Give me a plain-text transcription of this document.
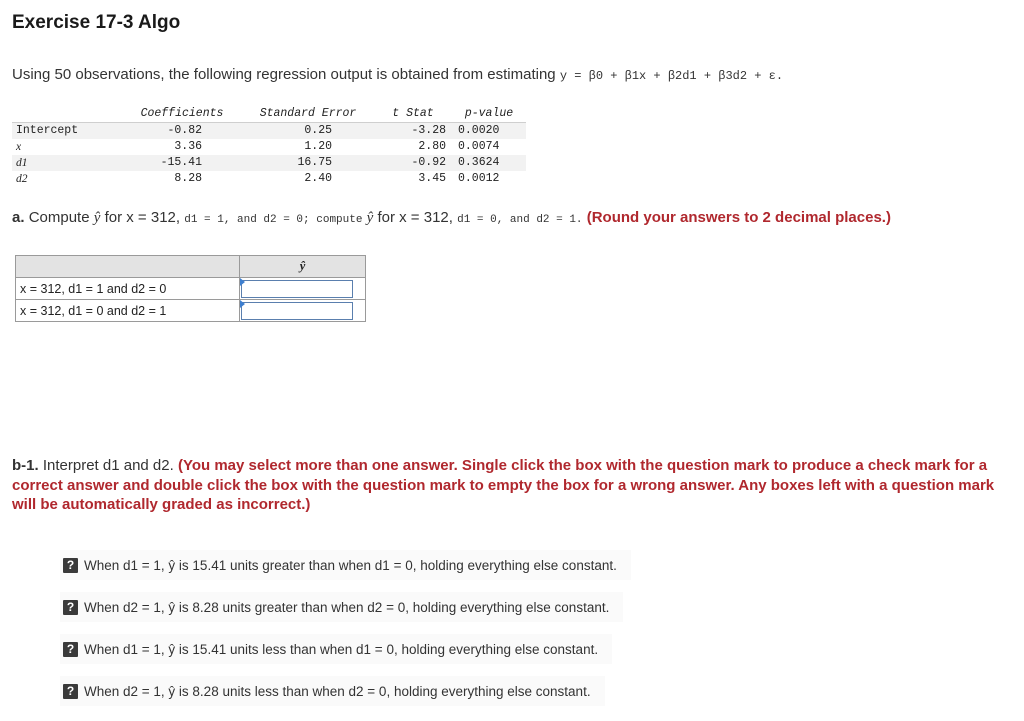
Exercise 17-3 Algo
Using 50 observations, the following regression output is obtained from estimating y = β0 + β1x + β2d1 + β3d2 + ε.
	Coefficients	Standard Error	t Stat	p-value
Intercept	-0.82	0.25	-3.28	0.0020
x	3.36	1.20	2.80	0.0074
d1	-15.41	16.75	-0.92	0.3624
d2	8.28	2.40	3.45	0.0012
a. Compute ŷ for x = 312, d1 = 1, and d2 = 0; compute ŷ for x = 312, d1 = 0, and d2 = 1. (Round your answers to 2 decimal places.)
	ŷ
x = 312, d1 = 1 and d2 = 0	

x = 312, d1 = 0 and d2 = 1	
b-1. Interpret d1 and d2. (You may select more than one answer. Single click the box with the question mark to produce a check mark for a correct answer and double click the box with the question mark to empty the box for a wrong answer. Any boxes left with a question mark will be automatically graded as incorrect.)
? When d1 = 1, ŷ is 15.41 units greater than when d1 = 0, holding everything else constant.
? When d2 = 1, ŷ is 8.28 units greater than when d2 = 0, holding everything else constant.
? When d1 = 1, ŷ is 15.41 units less than when d1 = 0, holding everything else constant.
? When d2 = 1, ŷ is 8.28 units less than when d2 = 0, holding everything else constant.
